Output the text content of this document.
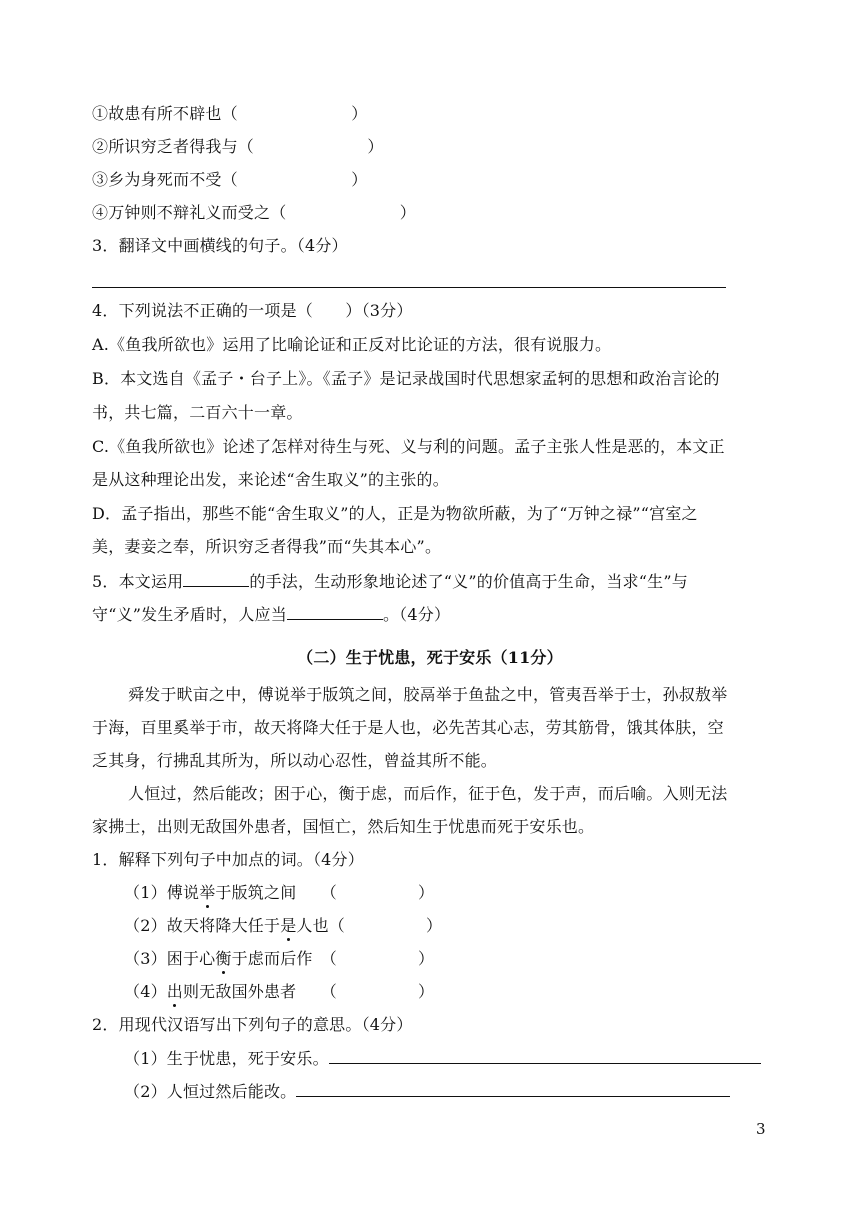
①故患有所不辟也（　　　　　　　）
②所识穷乏者得我与（　　　　　　　）
③乡为身死而不受（　　　　　　　）
④万钟则不辩礼义而受之（　　　　　　　）
3．翻译文中画横线的句子。（4分）
4．下列说法不正确的一项是（　　）（3分）
A.《鱼我所欲也》运用了比喻论证和正反对比论证的方法，很有说服力。
B．本文选自《孟子・台子上》。《孟子》是记录战国时代思想家孟轲的思想和政治言论的
书，共七篇，二百六十一章。
C.《鱼我所欲也》论述了怎样对待生与死、义与利的问题。孟子主张人性是恶的，本文正
是从这种理论出发，来论述“舍生取义”的主张的。
D．孟子指出，那些不能“舍生取义”的人，正是为物欲所蔽，为了“万钟之禄”“宫室之
美，妻妾之奉，所识穷乏者得我”而“失其本心”。
5．本文运用	的手法，生动形象地论述了“义”的价值高于生命，当求“生”与
守“义”发生矛盾时，人应当	。（4分）
（二）生于忧患，死于安乐（11分）
舜发于畎亩之中，傅说举于版筑之间，胶鬲举于鱼盐之中，管夷吾举于士，孙叔敖举
于海，百里奚举于市，故天将降大任于是人也，必先苦其心志，劳其筋骨，饿其体肤，空
乏其身，行拂乱其所为，所以动心忍性，曾益其所不能。
人恒过，然后能改；困于心，衡于虑，而后作，征于色，发于声，而后喻。入则无法
家拂士，出则无敌国外患者，国恒亡，然后知生于忧患而死于安乐也。
1．解释下列句子中加点的词。（4分）
（1）傅说举于版筑之间　　（　　　　　）
（2）故天将降大任于是人也（　　　　　）
（3）困于心衡于虑而后作　（　　　　　）
（4）出则无敌国外患者　　（　　　　　）
2．用现代汉语写出下列句子的意思。（4分）
（1）生于忧患，死于安乐。
（2）人恒过然后能改。
3
